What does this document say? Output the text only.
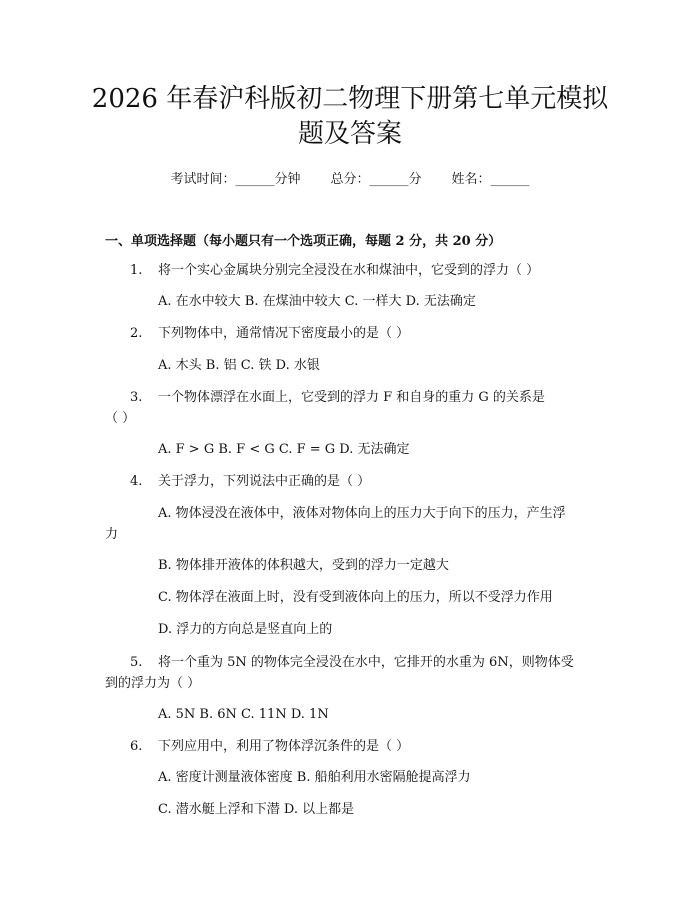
2026 年春沪科版初二物理下册第七单元模拟
题及答案
考试时间：______分钟 总分：______分 姓名：______
一、单项选择题（每小题只有一个选项正确，每题 2 分，共 20 分）
1. 将一个实心金属块分别完全浸没在水和煤油中，它受到的浮力（ ）
A. 在水中较大 B. 在煤油中较大 C. 一样大 D. 无法确定
2. 下列物体中，通常情况下密度最小的是（ ）
A. 木头 B. 铝 C. 铁 D. 水银
3. 一个物体漂浮在水面上，它受到的浮力 F 和自身的重力 G 的关系是
（ ）
A. F > G B. F < G C. F = G D. 无法确定
4. 关于浮力，下列说法中正确的是（ ）
A. 物体浸没在液体中，液体对物体向上的压力大于向下的压力，产生浮
力
B. 物体排开液体的体积越大，受到的浮力一定越大
C. 物体浮在液面上时，没有受到液体向上的压力，所以不受浮力作用
D. 浮力的方向总是竖直向上的
5. 将一个重为 5N 的物体完全浸没在水中，它排开的水重为 6N，则物体受
到的浮力为（ ）
A. 5N B. 6N C. 11N D. 1N
6. 下列应用中，利用了物体浮沉条件的是（ ）
A. 密度计测量液体密度 B. 船舶利用水密隔舱提高浮力
C. 潜水艇上浮和下潜 D. 以上都是
